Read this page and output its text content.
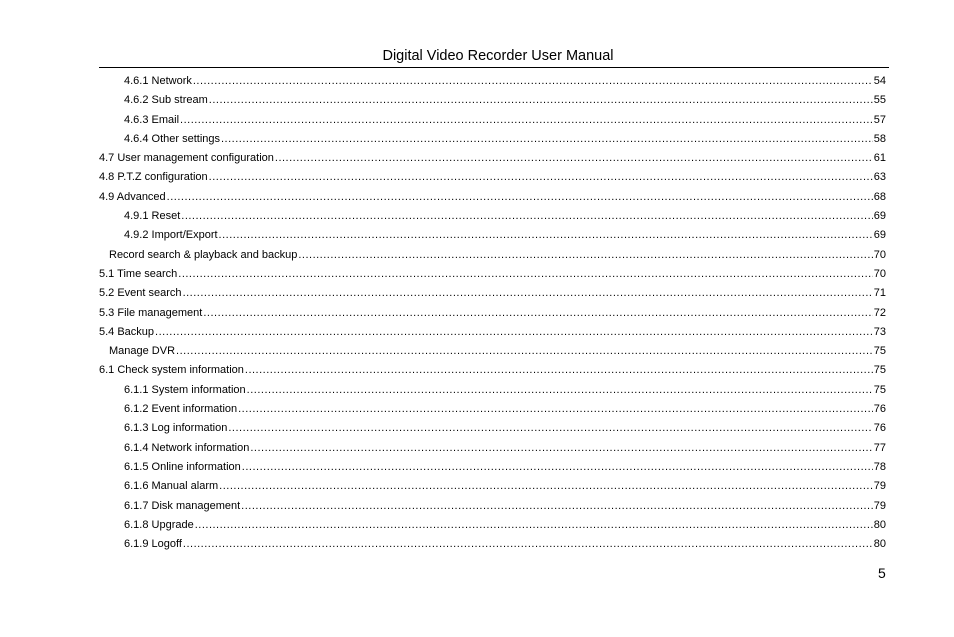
Digital Video Recorder User Manual
4.6.1 Network .....	54
4.6.2 Sub stream .....	55
4.6.3 Email .....	57
4.6.4 Other settings .....	58
4.7 User management configuration .....	61
4.8 P.T.Z configuration .....	63
4.9 Advanced .....	68
4.9.1 Reset .....	69
4.9.2 Import/Export .....	69
Record search & playback and backup .....	70
5.1 Time search .....	70
5.2 Event search .....	71
5.3 File management .....	72
5.4 Backup .....	73
Manage DVR .....	75
6.1 Check system information .....	75
6.1.1 System information .....	75
6.1.2 Event information .....	76
6.1.3 Log information .....	76
6.1.4 Network information .....	77
6.1.5 Online information .....	78
6.1.6 Manual alarm .....	79
6.1.7 Disk management .....	79
6.1.8 Upgrade .....	80
6.1.9 Logoff .....	80
5
